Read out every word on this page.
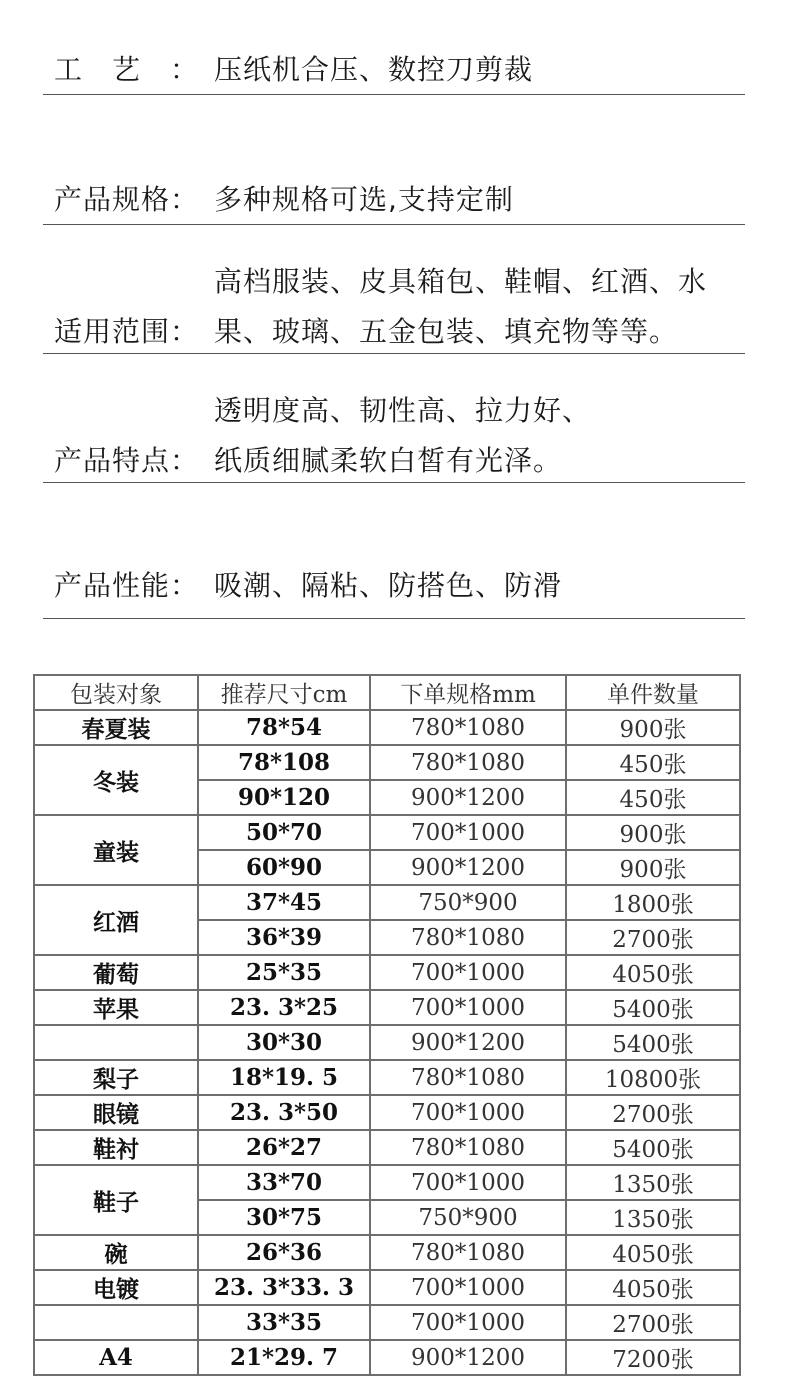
工　艺　： 压纸机合压、数控刀剪裁
产品规格： 多种规格可选,支持定制
适用范围：
高档服装、皮具箱包、鞋帽、红酒、水
果、玻璃、五金包装、填充物等等。
产品特点：
透明度高、韧性高、拉力好、
纸质细腻柔软白皙有光泽。
产品性能： 吸潮、隔粘、防搭色、防滑
包装对象	推荐尺寸cm	下单规格mm	单件数量
春夏装	78*54	780*1080	900张
冬装	78*108	780*1080	450张
	90*120	900*1200	450张
童装	50*70	700*1000	900张
	60*90	900*1200	900张
红酒	37*45	750*900	1800张
	36*39	780*1080	2700张
葡萄	25*35	700*1000	4050张
苹果	23. 3*25	700*1000	5400张
	30*30	900*1200	5400张
梨子	18*19. 5	780*1080	10800张
眼镜	23. 3*50	700*1000	2700张
鞋衬	26*27	780*1080	5400张
鞋子	33*70	700*1000	1350张
	30*75	750*900	1350张
碗	26*36	780*1080	4050张
电镀	23. 3*33. 3	700*1000	4050张
	33*35	700*1000	2700张
A4	21*29. 7	900*1200	7200张
